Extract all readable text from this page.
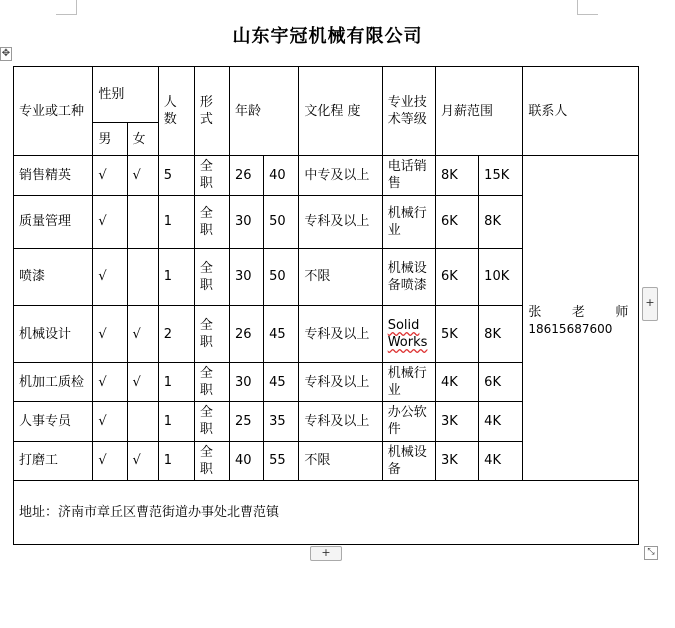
山东宇冠机械有限公司
✥
专业或工种	性别		人数	形式	年龄		文化程 度	专业技术等级	月薪范围		联系人
	男	女									
销售精英	√	√	5	全职	26	40	中专及以上	电话销售	8K	15K	张 老 师
18615687600

质量管理	√		1	全职	30	50	专科及以上	机械行业	6K	8K	
喷漆	√		1	全职	30	50	不限	机械设备喷漆	6K	10K	
机械设计	√	√	2	全职	26	45	专科及以上	Solid Works	5K	8K	
机加工质检	√	√	1	全职	30	45	专科及以上	机械行业	4K	6K	
人事专员	√		1	全职	25	35	专科及以上	办公软件	3K	4K	
打磨工	√	√	1	全职	40	55	不限	机械设备	3K	4K	
地址：济南市章丘区曹范街道办事处北曹范镇											
+
+	⤡
